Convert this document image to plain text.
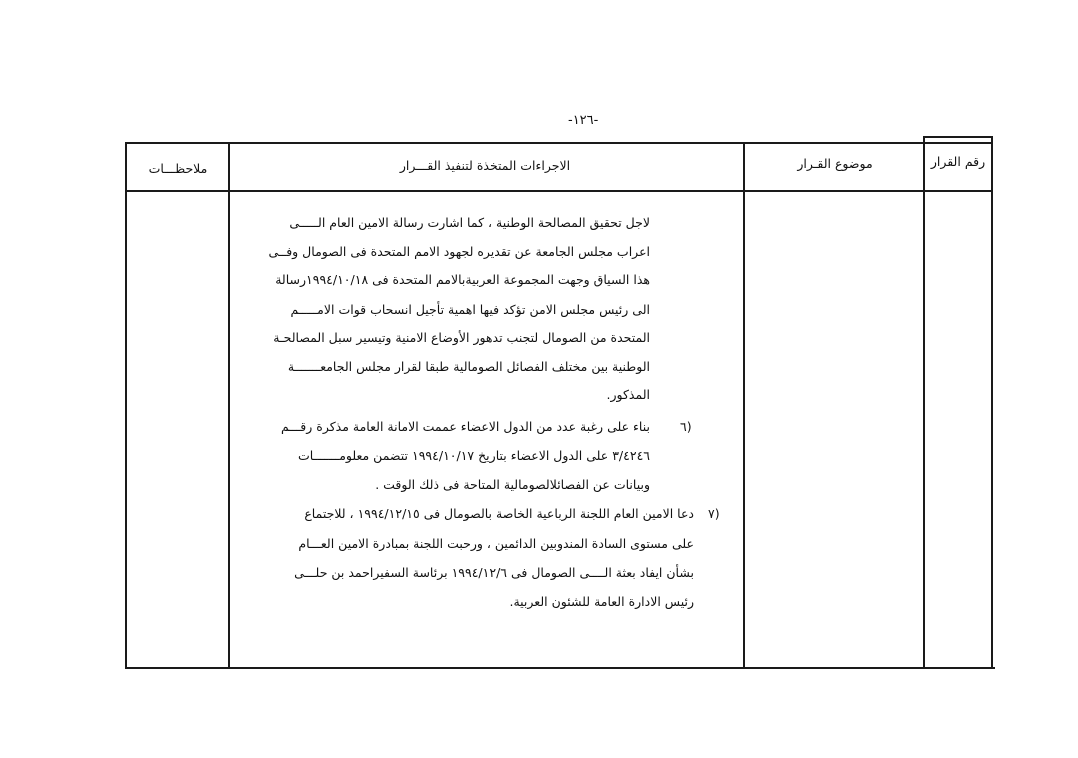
-١٢٦-
رقم القرار
موضوع القـرار
الاجراءات المتخذة لتنفيذ القـــرار
ملاحظـــات
لاجل تحقيق المصالحة الوطنية ، كما اشارت رسالة الامين العام الـــــى
اعراب مجلس الجامعة عن تقديره لجهود الامم المتحدة فى الصومال وفــى
هذا السياق وجهت المجموعة العربيةبالامم المتحدة فى ١٩٩٤/١٠/١٨رسالة
الى رئيس مجلس الامن تؤكد فيها اهمية تأجيل انسحاب قوات الامـــــم
المتحدة من الصومال لتجنب تدهور الأوضاع الامنية وتيسير سبل المصالحـة
الوطنية بين مختلف الفصائل الصومالية طبقا لقرار مجلس الجامعـــــــة
المذكور.
٦)
بناء على رغبة عدد من الدول الاعضاء عممت الامانة العامة مذكرة رقـــم
٣/٤٢٤٦ على الدول الاعضاء بتاريخ ١٩٩٤/١٠/١٧ تتضمن معلومـــــــات
وبيانات عن الفصائلالصومالية المتاحة فى ذلك الوقت .
٧)
دعا الامين العام اللجنة الرباعية الخاصة بالصومال فى ١٩٩٤/١٢/١٥ ، للاجتماع
على مستوى السادة المندوبين الدائمين ، ورحبت اللجنة بمبادرة الامين العـــام
بشأن ايفاد بعثة الــــى الصومال فى ١٩٩٤/١٢/٦ برئاسة السفيراحمد بن حلـــى
رئيس الادارة العامة للشئون العربية.
